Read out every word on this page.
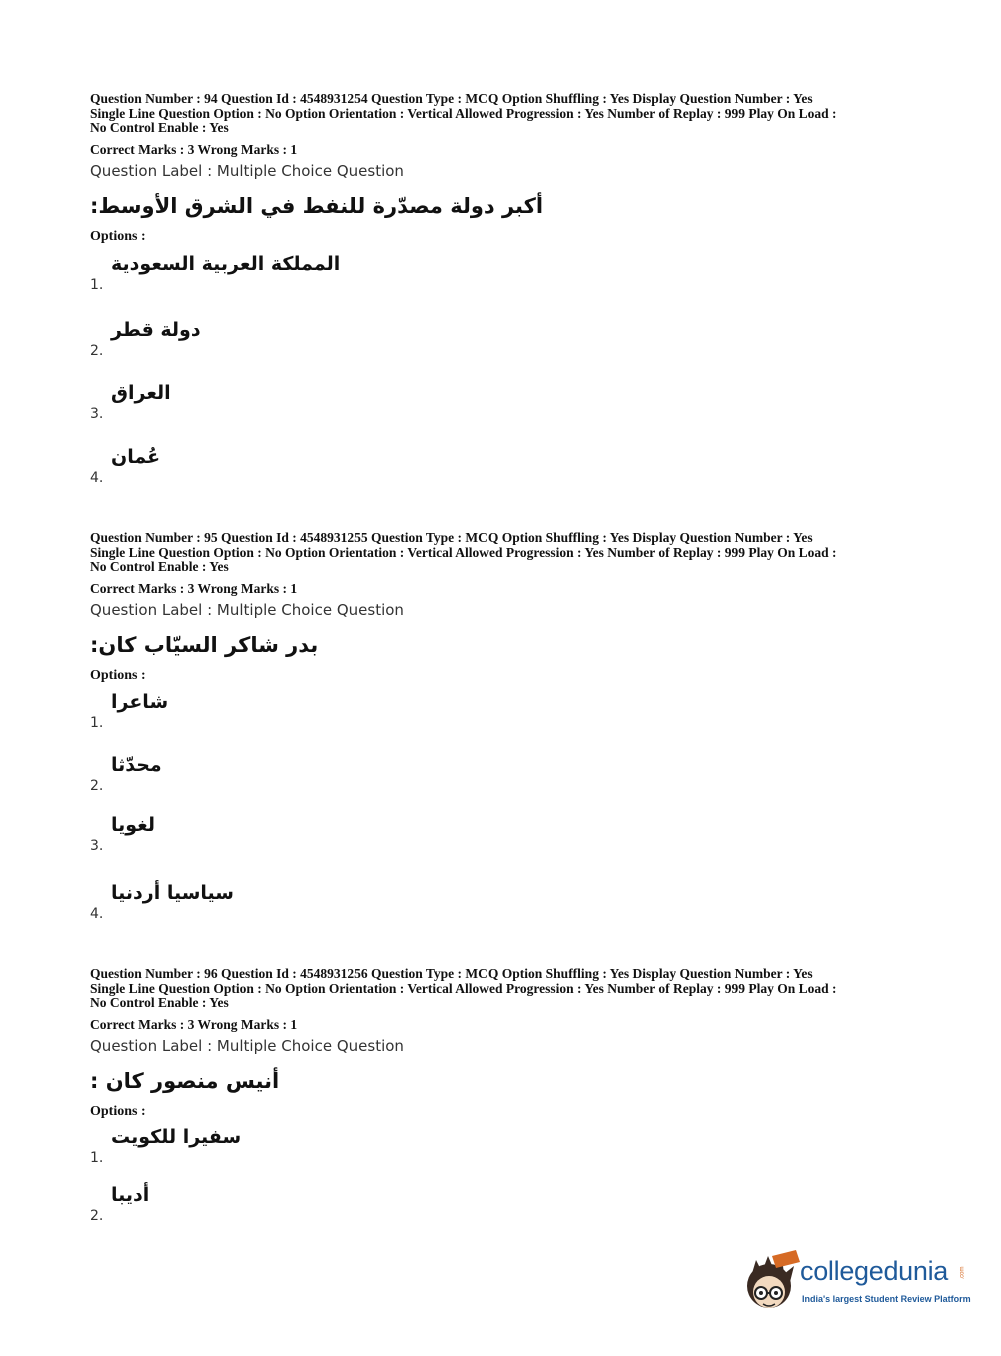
Question Number : 94 Question Id : 4548931254 Question Type : MCQ Option Shuffling : Yes Display Question Number : Yes

Single Line Question Option : No Option Orientation : Vertical Allowed Progression : Yes Number of Replay : 999 Play On Load :

No Control Enable : Yes

Correct Marks : 3 Wrong Marks : 1
Question Label : Multiple Choice Question
أكبر دولة مصدّرة للنفط في الشرق الأوسط:
Options :
1.
المملكة العربية السعودية
2.
دولة قطر
3.
العراق
4.
عُمان

Question Number : 95 Question Id : 4548931255 Question Type : MCQ Option Shuffling : Yes Display Question Number : Yes

Single Line Question Option : No Option Orientation : Vertical Allowed Progression : Yes Number of Replay : 999 Play On Load :

No Control Enable : Yes

Correct Marks : 3 Wrong Marks : 1
Question Label : Multiple Choice Question
بدر شاكر السيّاب كان:
Options :
1.
شاعرا
2.
محدّثا
3.
لغويا
4.
سياسيا أردنيا

Question Number : 96 Question Id : 4548931256 Question Type : MCQ Option Shuffling : Yes Display Question Number : Yes

Single Line Question Option : No Option Orientation : Vertical Allowed Progression : Yes Number of Replay : 999 Play On Load :

No Control Enable : Yes

Correct Marks : 3 Wrong Marks : 1
Question Label : Multiple Choice Question
أنيس منصور كان :
Options :
1.
سفيرا للكويت
2.
أديبا
collegedunia .com
India's largest Student Review Platform
